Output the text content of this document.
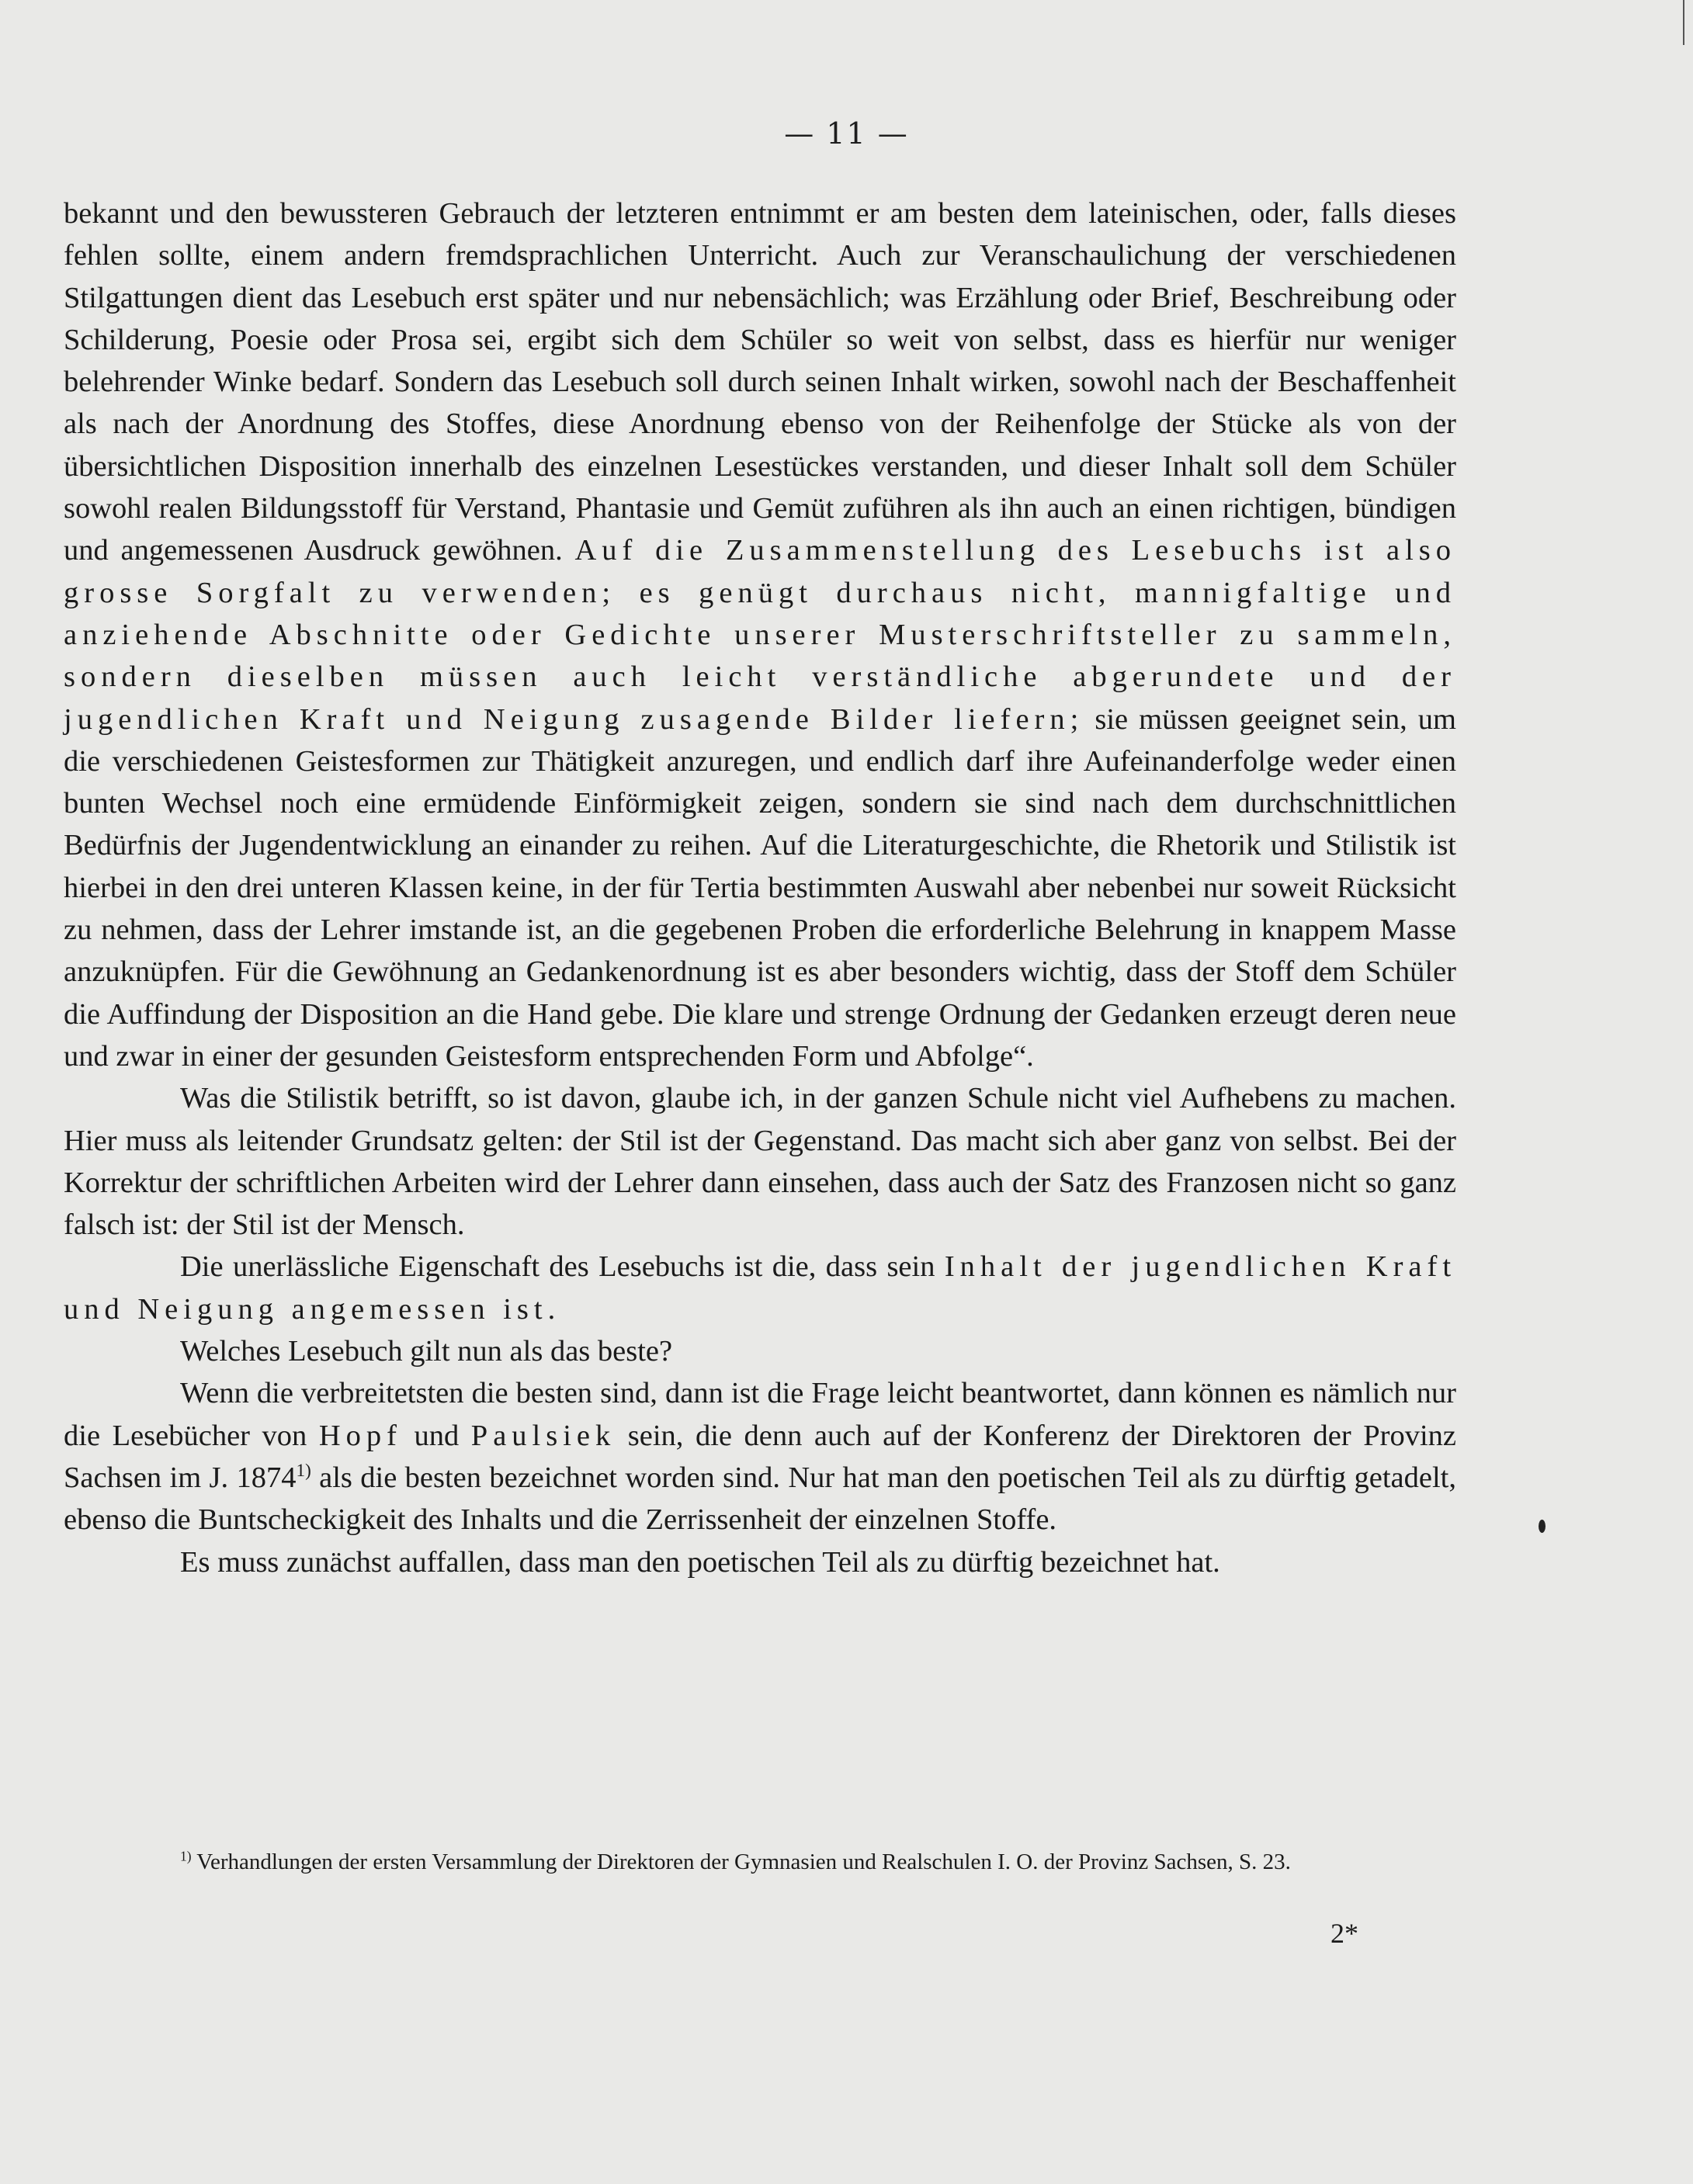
— 11 —

bekannt und den bewussteren Gebrauch der letzteren entnimmt er am besten dem lateinischen, oder, falls dieses fehlen sollte, einem andern fremdsprachlichen Unterricht. Auch zur Veranschaulichung der verschiedenen Stilgattungen dient das Lesebuch erst später und nur nebensächlich; was Erzählung oder Brief, Beschreibung oder Schilderung, Poesie oder Prosa sei, ergibt sich dem Schüler so weit von selbst, dass es hierfür nur weniger belehrender Winke bedarf. Sondern das Lesebuch soll durch seinen Inhalt wirken, sowohl nach der Beschaffenheit als nach der Anordnung des Stoffes, diese Anordnung ebenso von der Reihenfolge der Stücke als von der übersichtlichen Disposition innerhalb des einzelnen Lesestückes verstanden, und dieser Inhalt soll dem Schüler sowohl realen Bildungsstoff für Verstand, Phantasie und Gemüt zuführen als ihn auch an einen richtigen, bündigen und angemessenen Ausdruck gewöhnen. Auf die Zusammenstellung des Lesebuchs ist also grosse Sorgfalt zu verwenden; es genügt durchaus nicht, mannigfaltige und anziehende Abschnitte oder Gedichte unserer Musterschriftsteller zu sammeln, sondern dieselben müssen auch leicht verständliche abgerundete und der jugendlichen Kraft und Neigung zusagende Bilder liefern; sie müssen geeignet sein, um die verschiedenen Geistesformen zur Thätigkeit anzuregen, und endlich darf ihre Aufeinanderfolge weder einen bunten Wechsel noch eine ermüdende Einförmigkeit zeigen, sondern sie sind nach dem durchschnittlichen Bedürfnis der Jugendentwicklung an einander zu reihen. Auf die Literaturgeschichte, die Rhetorik und Stilistik ist hierbei in den drei unteren Klassen keine, in der für Tertia bestimmten Auswahl aber nebenbei nur soweit Rücksicht zu nehmen, dass der Lehrer imstande ist, an die gegebenen Proben die erforderliche Belehrung in knappem Masse anzuknüpfen. Für die Gewöhnung an Gedankenordnung ist es aber besonders wichtig, dass der Stoff dem Schüler die Auffindung der Disposition an die Hand gebe. Die klare und strenge Ordnung der Gedanken erzeugt deren neue und zwar in einer der gesunden Geistesform entsprechenden Form und Abfolge“.

Was die Stilistik betrifft, so ist davon, glaube ich, in der ganzen Schule nicht viel Aufhebens zu machen. Hier muss als leitender Grundsatz gelten: der Stil ist der Gegenstand. Das macht sich aber ganz von selbst. Bei der Korrektur der schriftlichen Arbeiten wird der Lehrer dann einsehen, dass auch der Satz des Franzosen nicht so ganz falsch ist: der Stil ist der Mensch.

Die unerlässliche Eigenschaft des Lesebuchs ist die, dass sein Inhalt der jugendlichen Kraft und Neigung angemessen ist.

Welches Lesebuch gilt nun als das beste?

Wenn die verbreitetsten die besten sind, dann ist die Frage leicht beantwortet, dann können es nämlich nur die Lesebücher von Hopf und Paulsiek sein, die denn auch auf der Konferenz der Direktoren der Provinz Sachsen im J. 1874$^{1)}$ als die besten bezeichnet worden sind. Nur hat man den poetischen Teil als zu dürftig getadelt, ebenso die Buntscheckigkeit des Inhalts und die Zerrissenheit der einzelnen Stoffe.

Es muss zunächst auffallen, dass man den poetischen Teil als zu dürftig bezeichnet hat.

$^{1)}$ Verhandlungen der ersten Versammlung der Direktoren der Gymnasien und Realschulen I. O. der Provinz Sachsen, S. 23.

2*
